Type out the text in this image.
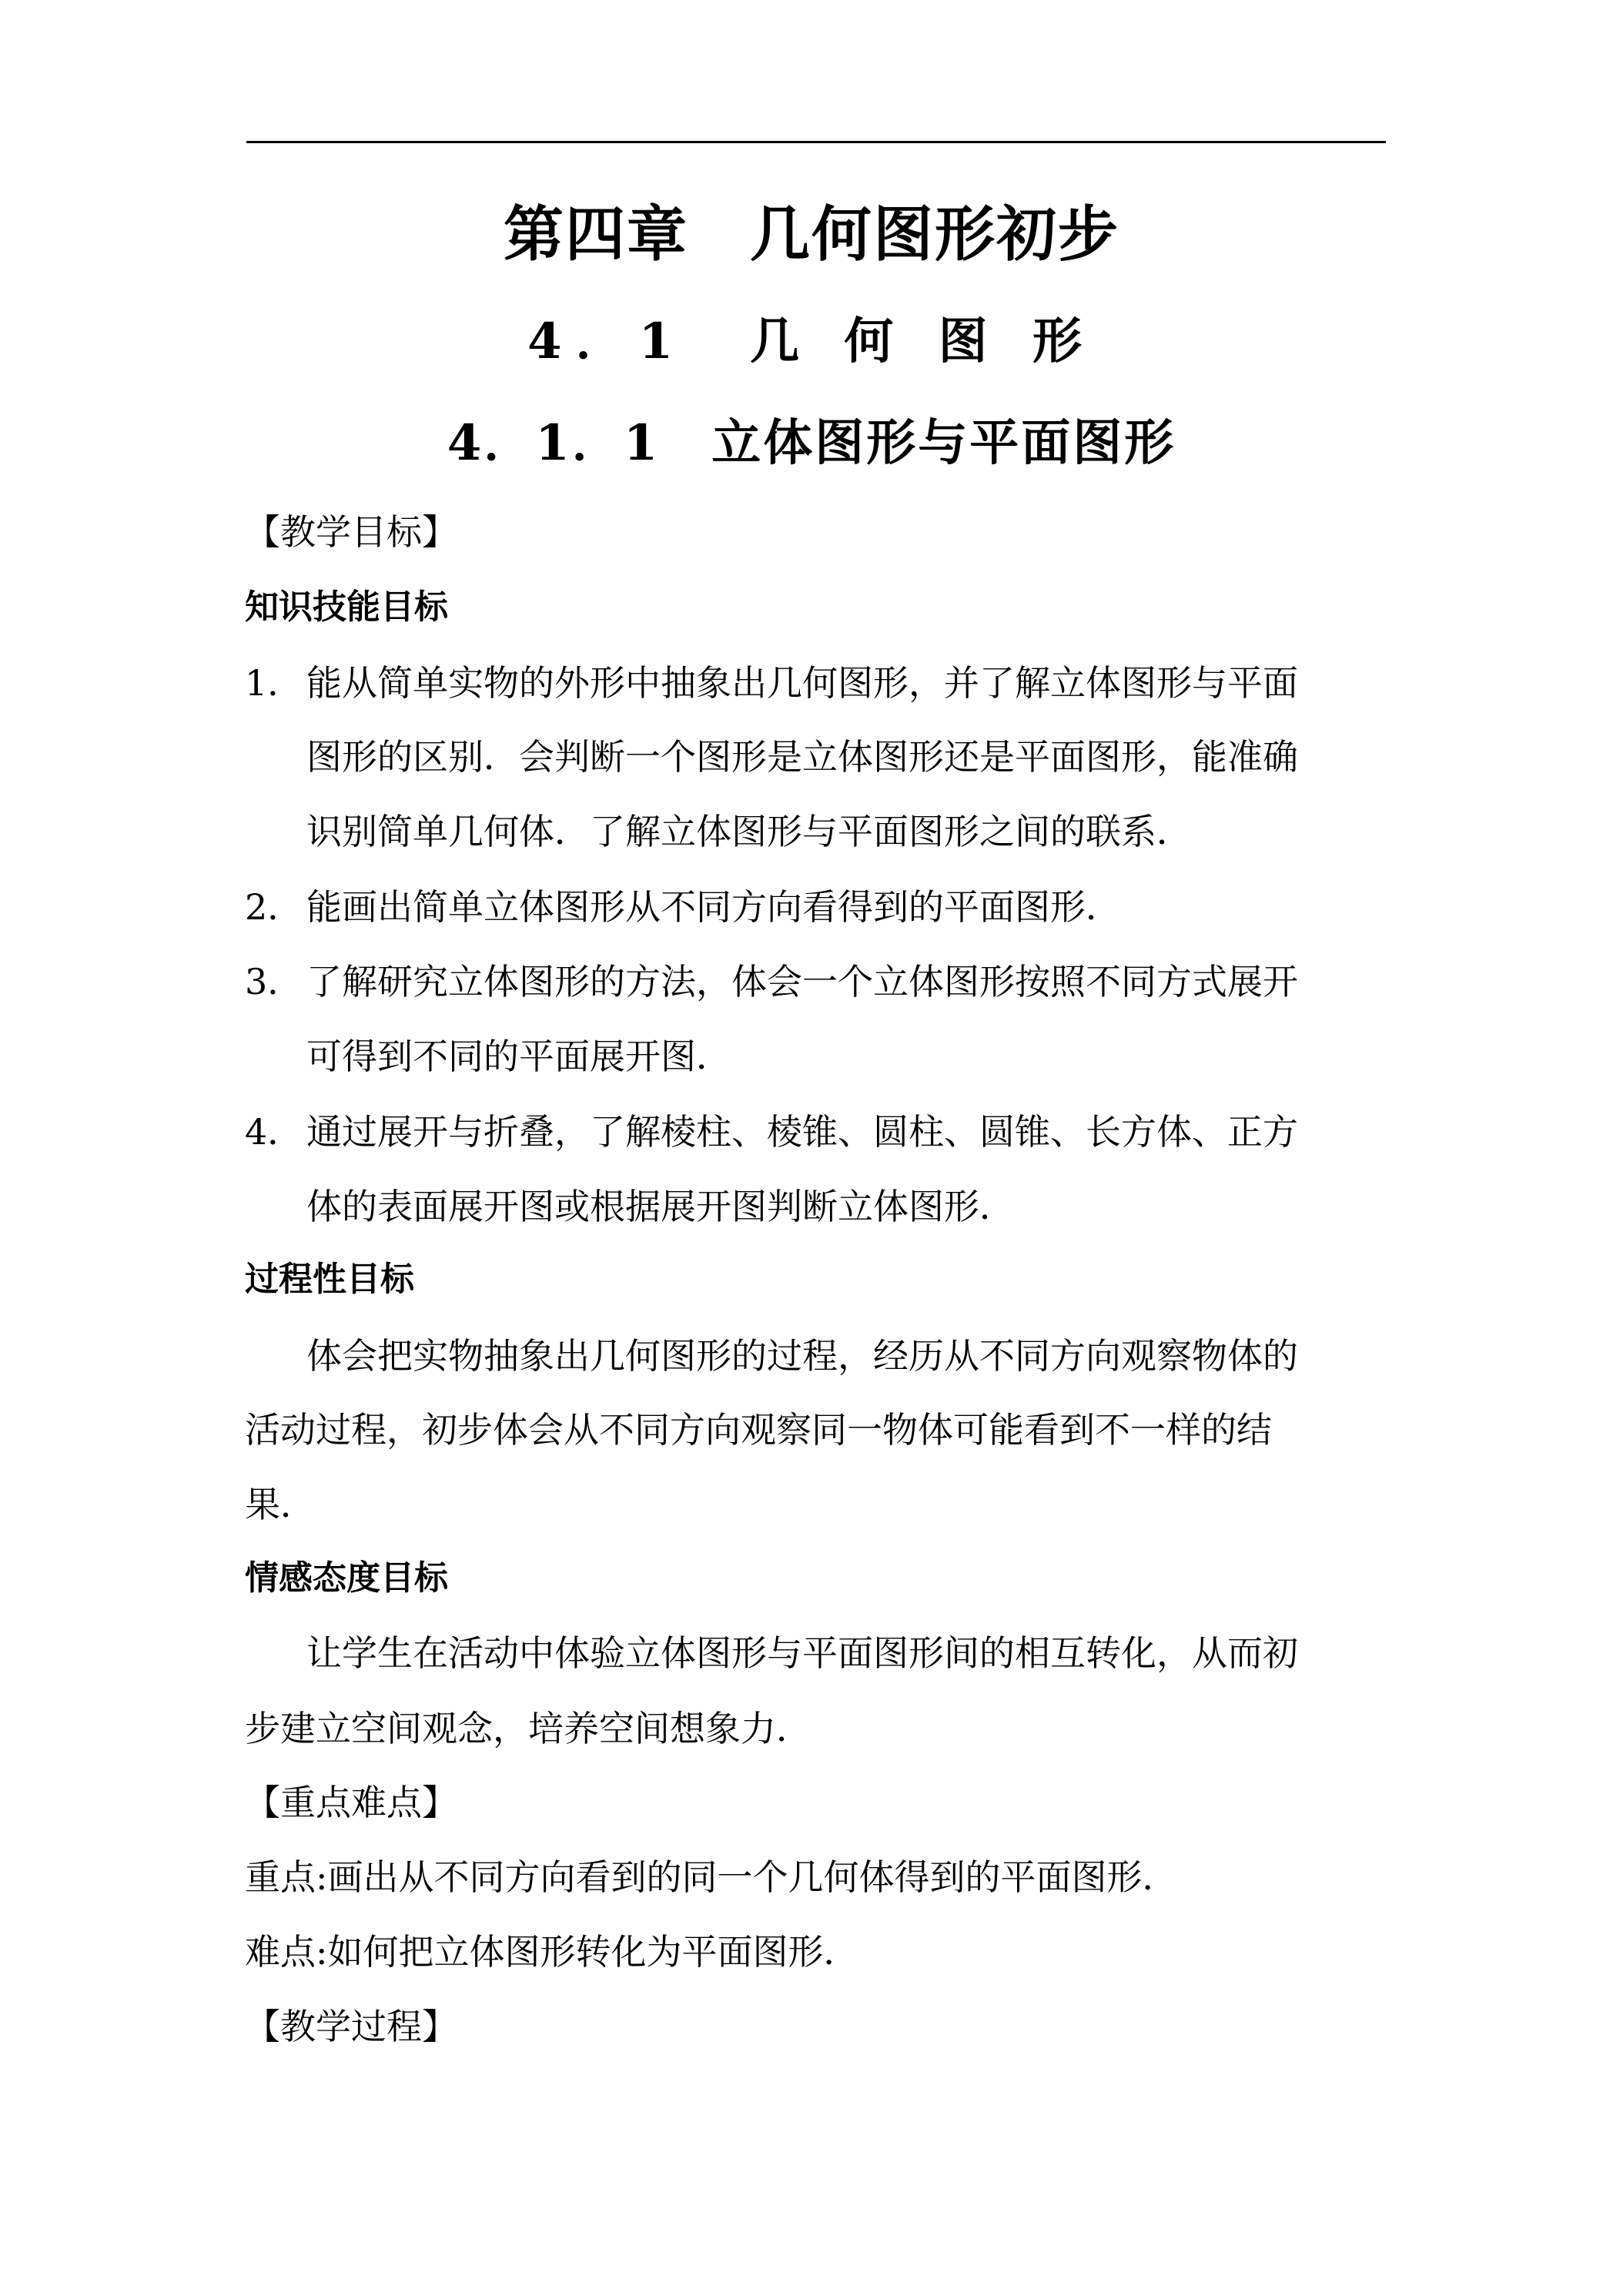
第四章　几何图形初步
4．1　几 何 图 形
4．1．1　立体图形与平面图形
【教学目标】
知识技能目标
1． 能从简单实物的外形中抽象出几何图形，并了解立体图形与平面
图形的区别．会判断一个图形是立体图形还是平面图形，能准确
识别简单几何体．了解立体图形与平面图形之间的联系．
2． 能画出简单立体图形从不同方向看得到的平面图形．
3． 了解研究立体图形的方法，体会一个立体图形按照不同方式展开
可得到不同的平面展开图．
4． 通过展开与折叠，了解棱柱、棱锥、圆柱、圆锥、长方体、正方
体的表面展开图或根据展开图判断立体图形．
过程性目标
体会把实物抽象出几何图形的过程，经历从不同方向观察物体的
活动过程，初步体会从不同方向观察同一物体可能看到不一样的结
果．
情感态度目标
让学生在活动中体验立体图形与平面图形间的相互转化，从而初
步建立空间观念，培养空间想象力．
【重点难点】
重点:画出从不同方向看到的同一个几何体得到的平面图形．
难点:如何把立体图形转化为平面图形．
【教学过程】
